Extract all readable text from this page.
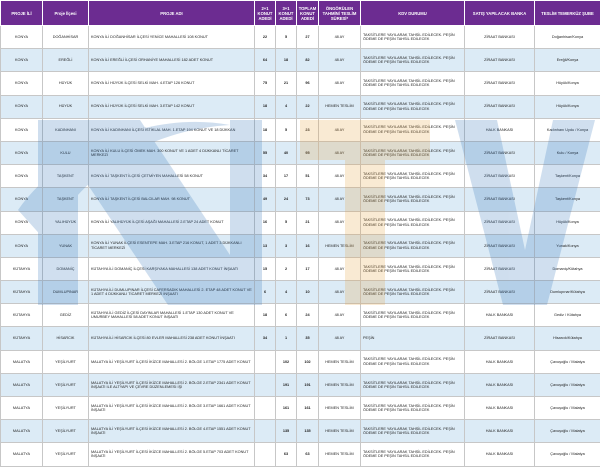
PROJE İLİ	Proje İlçesi	PROJE ADI	2+1 KONUT ADEDİ	3+1 KONUT ADEDİ	TOPLAM KONUT ADEDİ	ÖNGÖRÜLEN TAHMİNİ TESLİM SÜRESİ*	KDV DURUMU	SATIŞ YAPILACAK BANKA	TESLİM TEMERKÜZ ŞUBE
KONYA	DOĞANHİSAR	KONYA İLİ DOĞANHİSAR İLÇESİ YENİCE MAHALLESİ 108 KONUT	22	5	27	48 AY	TAKSİTLERE YAYILARAK TAHSİL EDİLECEK. PEŞİN ÖDEME DE PEŞİN TAHSİL EDİLECEK	ZİRAAT BANKASI	Doğanhisar/Konya
KONYA	EREĞLİ	KONYA İLİ EREĞLİ İLÇESİ ORHANİYE MAHALLESİ 182 ADET KONUT	64	18	82	48 AY	TAKSİTLERE YAYILARAK TAHSİL EDİLECEK. PEŞİN ÖDEME DE PEŞİN TAHSİL EDİLECEK	ZİRAAT BANKASI	Ereğli/Konya
KONYA	HÜYÜK	KONYA İLİ HÜYÜK İLÇESİ SELKİ MAH. 4.ETAP 126 KONUT	75	21	96	48 AY	TAKSİTLERE YAYILARAK TAHSİL EDİLECEK. PEŞİN ÖDEME DE PEŞİN TAHSİL EDİLECEK	ZİRAAT BANKASI	Hüyük/Konya
KONYA	HÜYÜK	KONYA İLİ HÜYÜK İLÇESİ SELKİ MAH. 3.ETAP 142 KONUT	18	4	22	HEMEN TESLİM	TAKSİTLERE YAYILARAK TAHSİL EDİLECEK. PEŞİN ÖDEME DE PEŞİN TAHSİL EDİLECEK	ZİRAAT BANKASI	Hüyük/Konya
KONYA	KADINHANI	KONYA İLİ KADINHANI İLÇESİ İSTİKLAL MAH. 1.ETAP 194 KONUT VE 18 DÜKKAN	18	5	23	48 AY	TAKSİTLERE YAYILARAK TAHSİL EDİLECEK. PEŞİN ÖDEME DE PEŞİN TAHSİL EDİLECEK	HALK BANKASI	Kadınhanı Uydu / Konya
KONYA	KULU	KONYA İLİ KULU İLÇESİ ÖMEK MAH. 300 KONUT VE 1 ADET 4 DÜKKANLI TİCARET MERKEZİ	55	40	95	48 AY	TAKSİTLERE YAYILARAK TAHSİL EDİLECEK. PEŞİN ÖDEME DE PEŞİN TAHSİL EDİLECEK	ZİRAAT BANKASI	Kulu / Konya
KONYA	TAŞKENT	KONYA İLİ TAŞKENT İLÇESİ ÇETMİYEN MAHALLESİ 58 KONUT	34	17	51	48 AY	TAKSİTLERE YAYILARAK TAHSİL EDİLECEK. PEŞİN ÖDEME DE PEŞİN TAHSİL EDİLECEK	ZİRAAT BANKASI	Taşkent/Konya
KONYA	TAŞKENT	KONYA İLİ TAŞKENT İLÇESİ BALCILAR MAH. 98 KONUT	49	24	73	48 AY	TAKSİTLERE YAYILARAK TAHSİL EDİLECEK. PEŞİN ÖDEME DE PEŞİN TAHSİL EDİLECEK	ZİRAAT BANKASI	Taşkent/Konya
KONYA	YALIHÜYÜK	KONYA İLİ YALIHÜYÜK İLÇESİ AŞAĞI MAHALLESİ 2.ETAP 24 ADET KONUT	16	5	21	48 AY	TAKSİTLERE YAYILARAK TAHSİL EDİLECEK. PEŞİN ÖDEME DE PEŞİN TAHSİL EDİLECEK	ZİRAAT BANKASI	Hüyük/Konya
KONYA	YUNAK	KONYA İLİ YUNAK İLÇESİ ESENTEPE MAH. 3.ETAP 216 KONUT, 1 ADET 3 DÜKKANLI TİCARET MERKEZİ	13	3	16	HEMEN TESLİM	TAKSİTLERE YAYILARAK TAHSİL EDİLECEK. PEŞİN ÖDEME DE PEŞİN TAHSİL EDİLECEK	ZİRAAT BANKASI	Yunak/Konya
KÜTAHYA	DOMANİÇ	KÜTAHYA İLİ DOMANİÇ İLÇESİ KARŞIYAKA MAHALLESİ 138 ADET KONUT İNŞAATI	15	2	17	48 AY	TAKSİTLERE YAYILARAK TAHSİL EDİLECEK. PEŞİN ÖDEME DE PEŞİN TAHSİL EDİLECEK	ZİRAAT BANKASI	Domaniç/Kütahya
KÜTAHYA	DUMLUPINAR	KÜTAHYA İLİ DUMLUPINAR İLÇESİ CAFERSADIK MAHALLESİ 2. ETAP 48 ADET KONUT VE 1 ADET 4 DÜKKANLI TİCARET MERKEZİ İNŞAATI	6	4	10	48 AY	TAKSİTLERE YAYILARAK TAHSİL EDİLECEK. PEŞİN ÖDEME DE PEŞİN TAHSİL EDİLECEK	ZİRAAT BANKASI	Dumlupınar/Kütahya
KÜTAHYA	GEDİZ	KÜTAHYA İLİ GEDİZ İLÇESİ DAYINLAR MAHALLESİ 1.ETAP 130 ADET KONUT VE UMURBEY MAHALLESİ 58 ADET KONUT İNŞAATI	18	6	24	48 AY	TAKSİTLERE YAYILARAK TAHSİL EDİLECEK. PEŞİN ÖDEME DE PEŞİN TAHSİL EDİLECEK	HALK BANKASI	Gediz / Kütahya
KÜTAHYA	HİSARCIK	KÜTAHYA İLİ HİSARCIK İLÇESİ 80 EVLER MAHALLESİ 238 ADET KONUT İNŞAATI	34	1	35	48 AY	PEŞİN	ZİRAAT BANKASI	Hisarcık/Kütahya
MALATYA	YEŞİLYURT	MALATYA İLİ YEŞİLYURT İLÇESİ İKİZCE MAHALLESİ 2. BÖLGE 1.ETAP 1775 ADET KONUT		102	102	HEMEN TESLİM	TAKSİTLERE YAYILARAK TAHSİL EDİLECEK. PEŞİN ÖDEME DE PEŞİN TAHSİL EDİLECEK	HALK BANKASI	Çavuşoğlu / Malatya
MALATYA	YEŞİLYURT	MALATYA İLİ YEŞİLYURT İLÇESİ İKİZCE MAHALLESİ 2. BÖLGE 2.ETAP 2341 ADET KONUT İNŞAATI İLE ALTYAPI VE ÇEVRE DÜZENLEMESİ İŞİ		191	191	HEMEN TESLİM	TAKSİTLERE YAYILARAK TAHSİL EDİLECEK. PEŞİN ÖDEME DE PEŞİN TAHSİL EDİLECEK	HALK BANKASI	Çavuşoğlu / Malatya
MALATYA	YEŞİLYURT	MALATYA İLİ YEŞİLYURT İLÇESİ İKİZCE MAHALLESİ 2. BÖLGE 3.ETAP 1661 ADET KONUT İNŞAATI		161	161	HEMEN TESLİM	TAKSİTLERE YAYILARAK TAHSİL EDİLECEK. PEŞİN ÖDEME DE PEŞİN TAHSİL EDİLECEK	HALK BANKASI	Çavuşoğlu / Malatya
MALATYA	YEŞİLYURT	MALATYA İLİ YEŞİLYURT İLÇESİ İKİZCE MAHALLESİ 2. BÖLGE 4.ETAP 1551 ADET KONUT İNŞAATI		135	135	HEMEN TESLİM	TAKSİTLERE YAYILARAK TAHSİL EDİLECEK. PEŞİN ÖDEME DE PEŞİN TAHSİL EDİLECEK	HALK BANKASI	Çavuşoğlu / Malatya
MALATYA	YEŞİLYURT	MALATYA İLİ YEŞİLYURT İLÇESİ İKİZCE MAHALLESİ 2. BÖLGE 5.ETAP 703 ADET KONUT İNŞAATI		63	63	HEMEN TESLİM	TAKSİTLERE YAYILARAK TAHSİL EDİLECEK. PEŞİN ÖDEME DE PEŞİN TAHSİL EDİLECEK	HALK BANKASI	Çavuşoğlu / Malatya
